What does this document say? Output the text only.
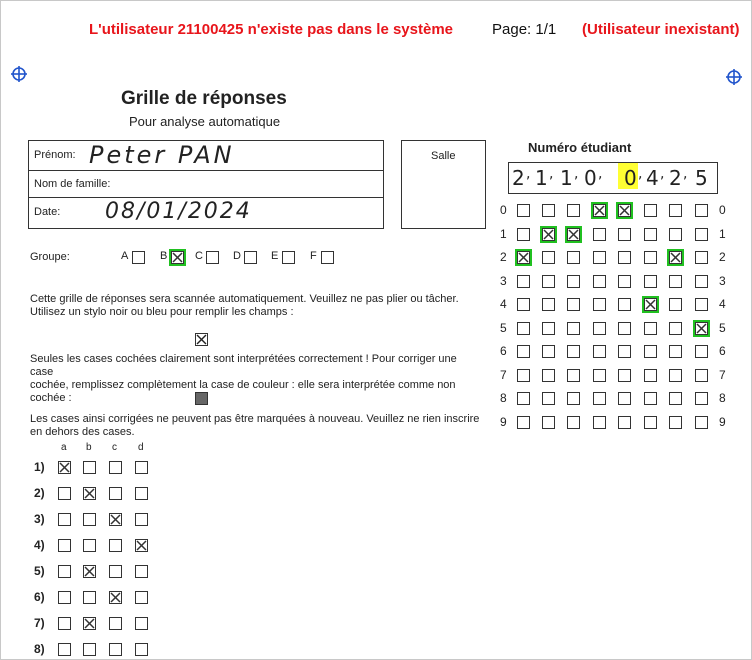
L'utilisateur 21100425 n'existe pas dans le système	Page: 1/1 (Utilisateur inexistant)
Grille de réponses
Pour analyse automatique
Prénom: Peter PAN
Nom de famille:
Date: 08/01/2024
Salle
Groupe:	A	B	C	D	E	F
Cette grille de réponses sera scannée automatiquement. Veuillez ne pas plier ou tâcher.
Utilisez un stylo noir ou bleu pour remplir les champs :
Seules les cases cochées clairement sont interprétées correctement ! Pour corriger une case
cochée, remplissez complètement la case de couleur : elle sera interprétée comme non
cochée :
Les cases ainsi corrigées ne peuvent pas être marquées à nouveau. Veuillez ne rien inscrire
en dehors des cases.
Numéro étudiant
2 , 1 , 1 , 0 , 0 , 4 , 2 , 5
0	0
1	1
2	2
3	3
4	4
5	5
6	6
7	7
8	8
9	9
a b c d
1)
2)
3)
4)
5)
6)
7)
8)
